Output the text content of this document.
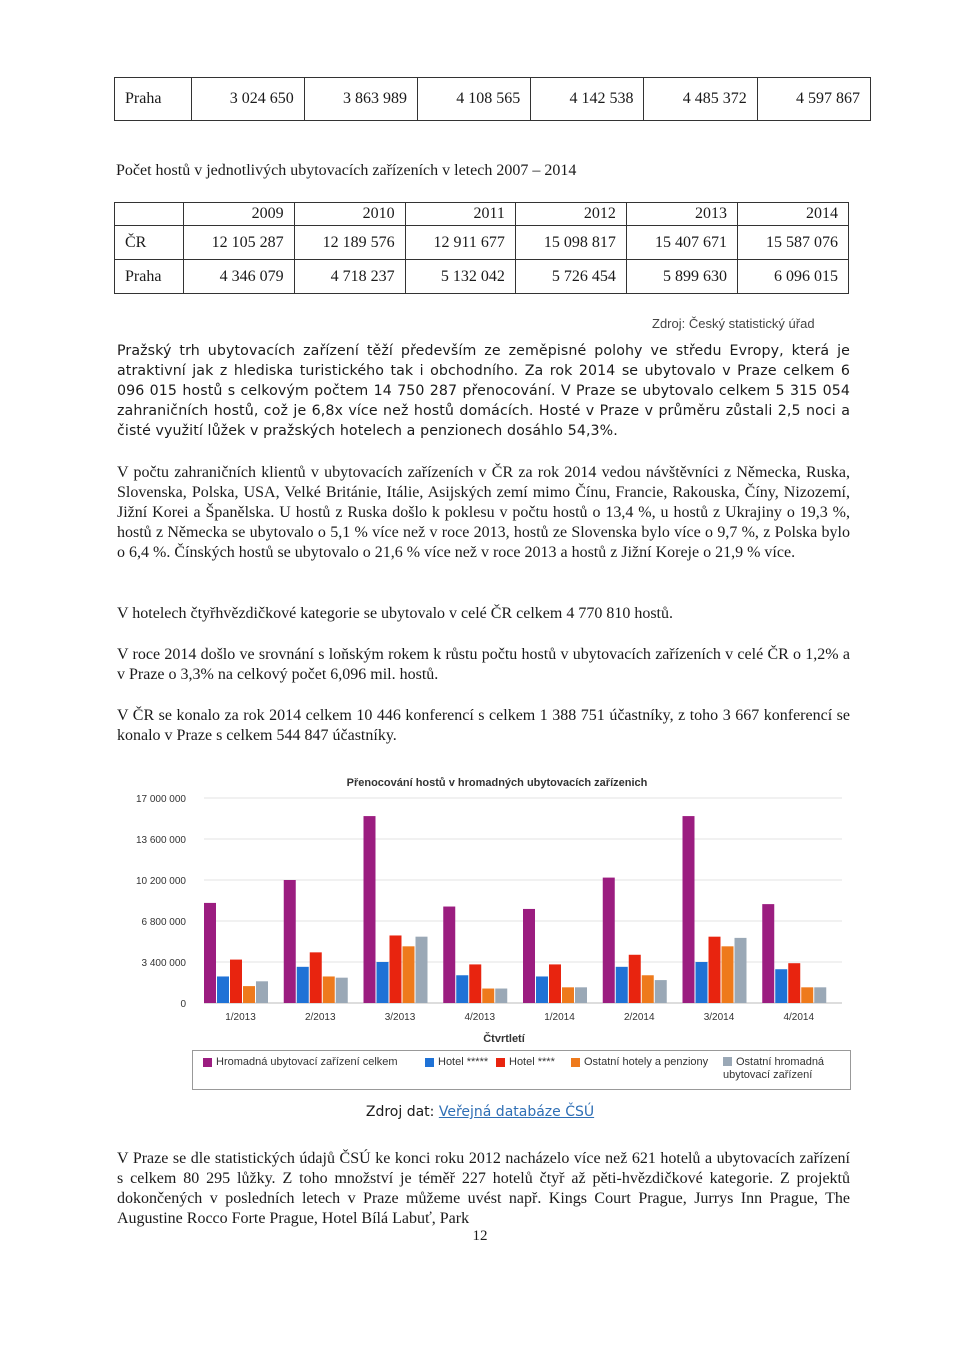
Praha	3 024 650	3 863 989	4 108 565	4 142 538	4 485 372	4 597 867
Počet hostů v jednotlivých ubytovacích zařízeních v letech 2007 – 2014
	2009	2010	2011	2012	2013	2014
ČR	12 105 287	12 189 576	12 911 677	15 098 817	15 407 671	15 587 076
Praha	4 346 079	4 718 237	5 132 042	5 726 454	5 899 630	6 096 015
Zdroj: Český statistický úřad
Pražský trh ubytovacích zařízení těží především ze zeměpisné polohy ve středu Evropy, která je atraktivní jak z hlediska turistického tak i obchodního. Za rok 2014 se ubytovalo v Praze celkem 6 096 015 hostů s celkovým počtem 14 750 287 přenocování. V Praze se ubytovalo celkem 5 315 054 zahraničních hostů, což je 6,8x více než hostů domácích. Hosté v Praze v průměru zůstali 2,5 noci a čisté využití lůžek v pražských hotelech a penzionech dosáhlo 54,3%.
V počtu zahraničních klientů v ubytovacích zařízeních v ČR za rok 2014 vedou návštěvníci z Německa, Ruska, Slovenska, Polska, USA, Velké Británie, Itálie, Asijských zemí mimo Čínu, Francie, Rakouska, Číny, Nizozemí, Jižní Korei a Španělska. U hostů z Ruska došlo k poklesu v počtu hostů o 13,4 %, u hostů z Ukrajiny o 19,3 %, hostů z Německa se ubytovalo o 5,1 % více než v roce 2013, hostů ze Slovenska bylo více o 9,7 %, z Polska bylo o 6,4 %. Čínských hostů se ubytovalo o 21,6 % více než v roce 2013 a hostů z Jižní Koreje o 21,9 % více.
V hotelech čtyřhvězdičkové kategorie se ubytovalo v celé ČR celkem 4 770 810 hostů.
V roce 2014 došlo ve srovnání s loňským rokem k růstu počtu hostů v ubytovacích zařízeních v celé ČR o 1,2% a v Praze o 3,3% na celkový počet 6,096 mil. hostů.
V ČR se konalo za rok 2014 celkem 10 446 konferencí s celkem 1 388 751 účastníky, z toho 3 667 konferencí se konalo v Praze s celkem 544 847 účastníky.
17 000 000
13 600 000
10 200 000
6 800 000
3 400 000
0
1/2013	2/2013	3/2013	4/2013	1/2014	2/2014	3/2014	4/2014
Přenocování hostů v hromadných ubytovacích zařízenich
Čtvrtletí
Hromadná ubytovací zařízení celkem	Hotel ***** Hotel ****	Ostatní hotely a penziony	Ostatní hromadná ubytovací zařízení
Zdroj dat: Veřejná databáze ČSÚ
V Praze se dle statistických údajů ČSÚ ke konci roku 2012 nacházelo více než 621 hotelů a ubytovacích zařízení s celkem 80 295 lůžky. Z toho množství je téměř 227 hotelů čtyř až pěti-hvězdičkové kategorie. Z projektů dokončených v posledních letech v Praze můžeme uvést např. Kings Court Prague, Jurrys Inn Prague, The Augustine Rocco Forte Prague, Hotel Bílá Labuť, Park
12
